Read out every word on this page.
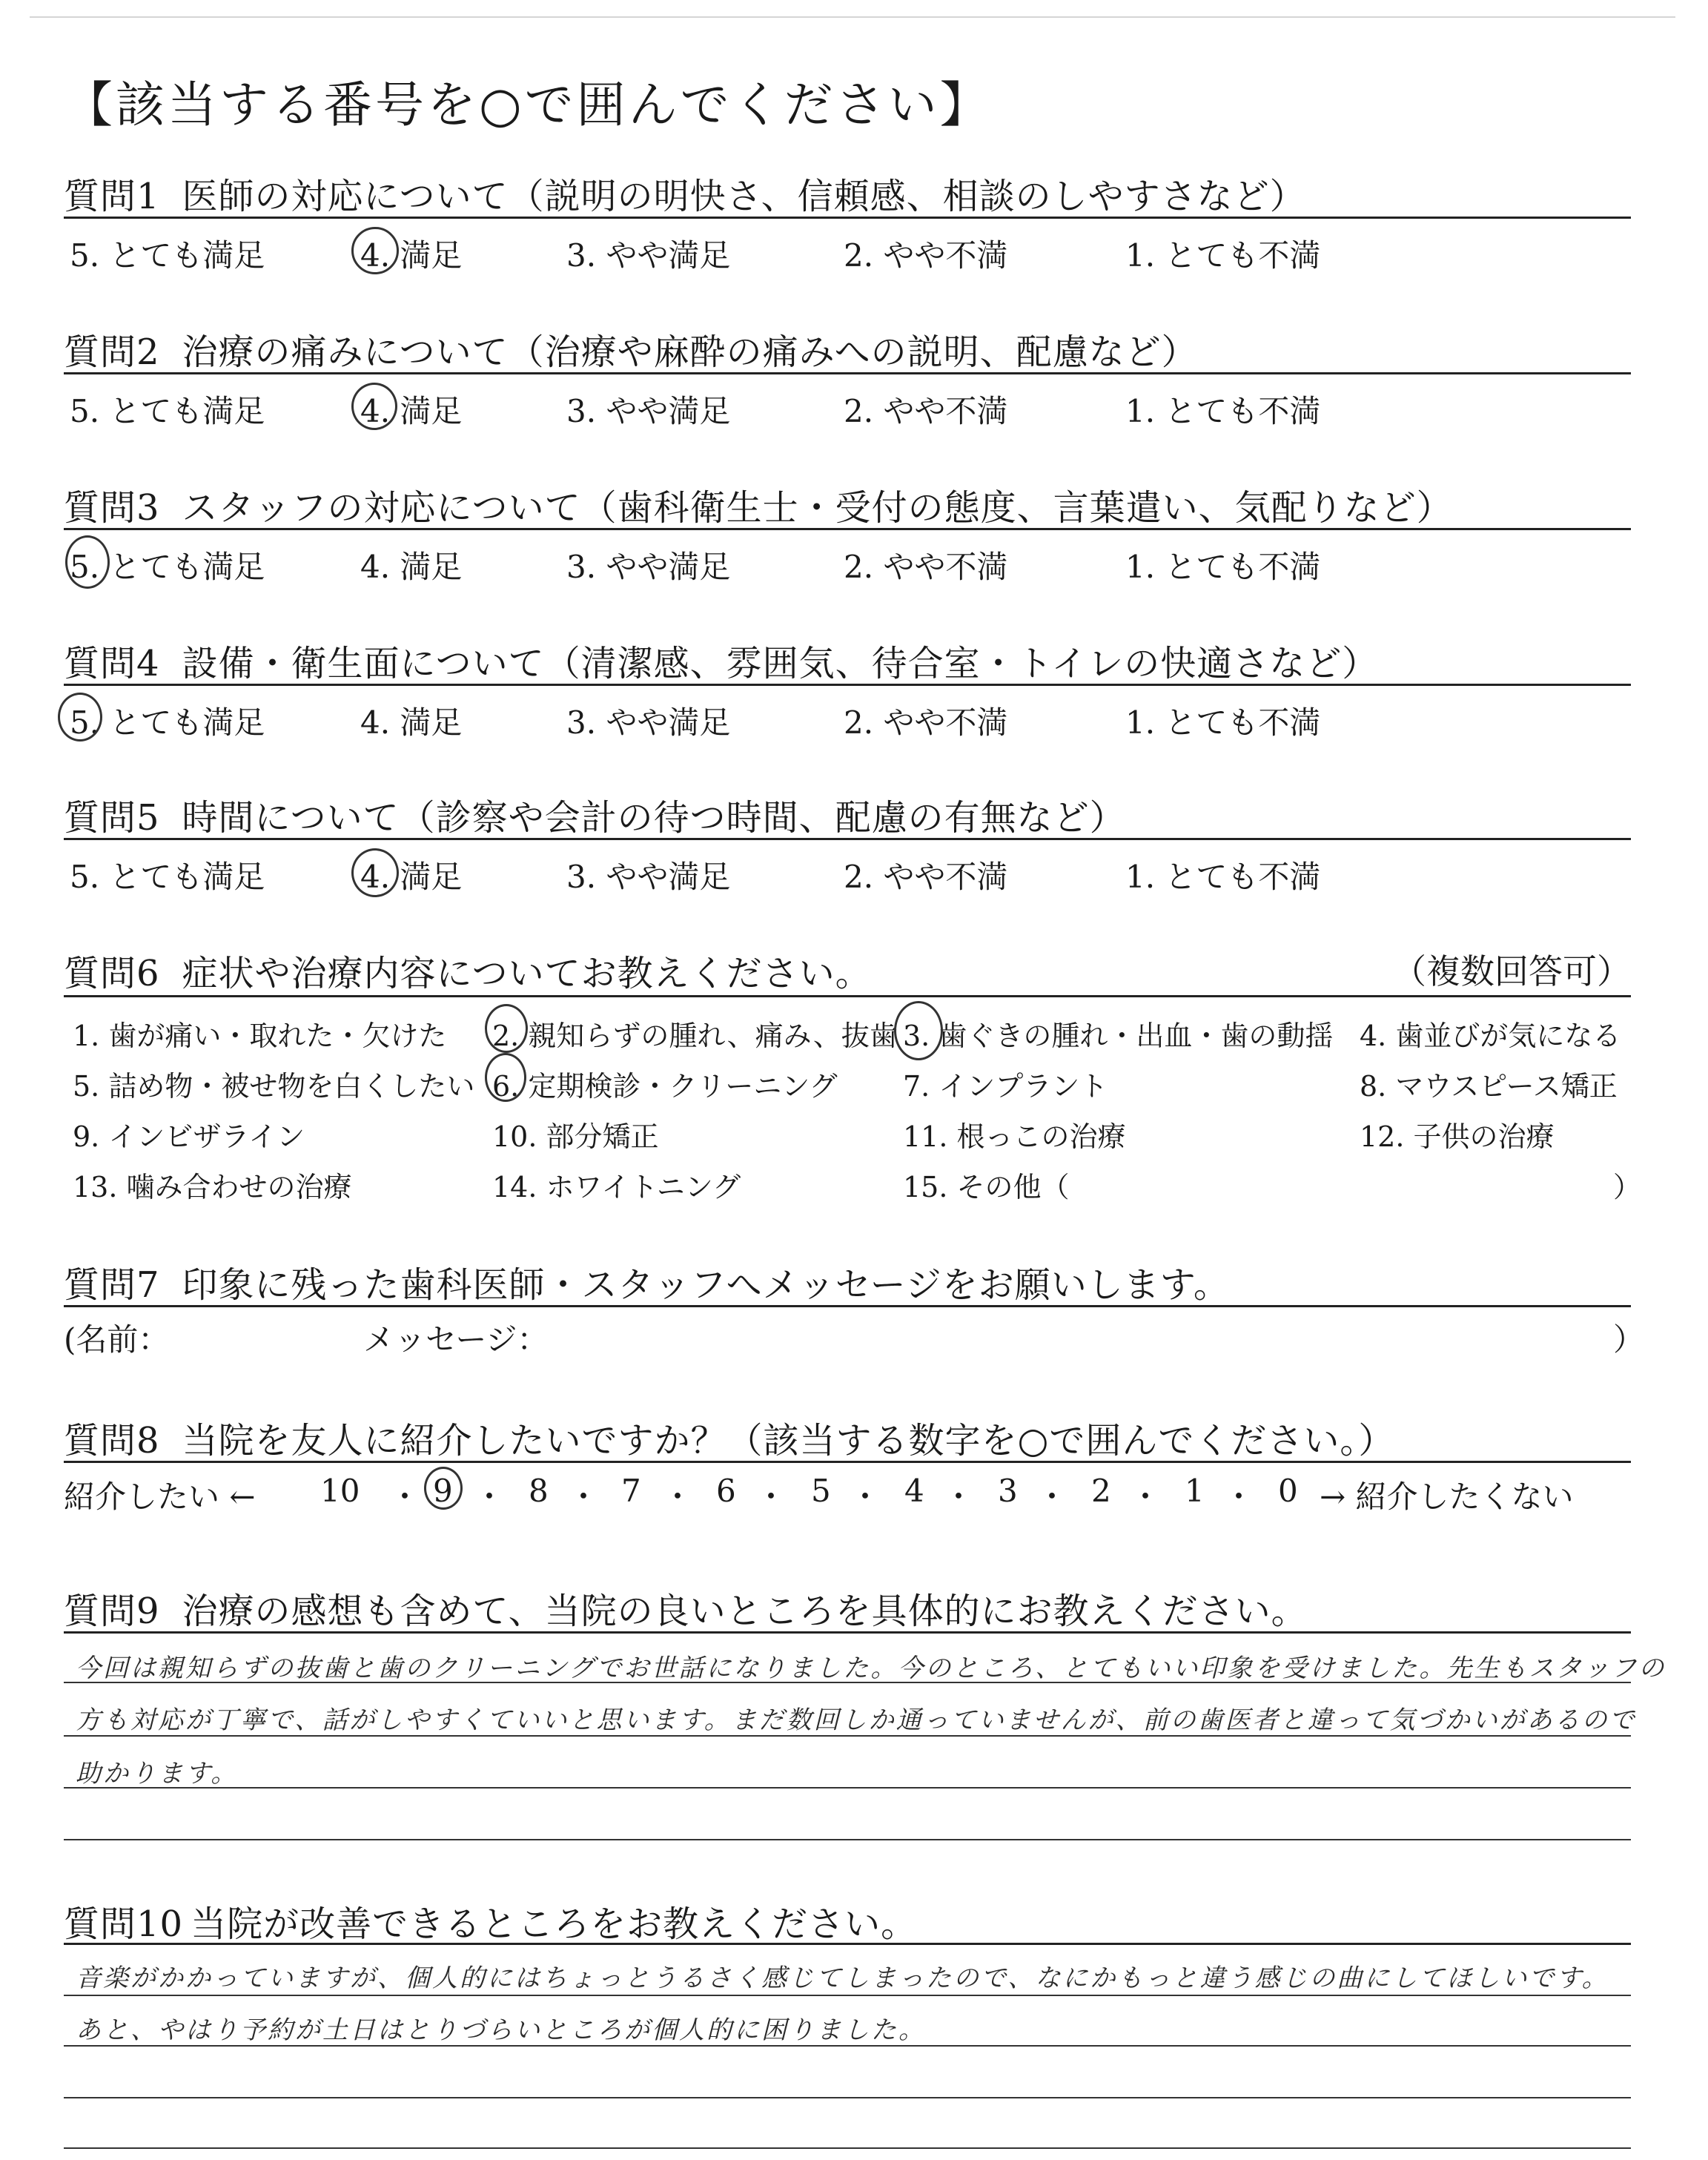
【該当する番号を○で囲んでください】
質問1 医師の対応について（説明の明快さ、信頼感、相談のしやすさなど）
5. とても満足	4. 満足	3. やや満足	2. やや不満	1. とても不満
質問2 治療の痛みについて（治療や麻酔の痛みへの説明、配慮など）
5. とても満足	4. 満足	3. やや満足	2. やや不満	1. とても不満
質問3 スタッフの対応について（歯科衛生士・受付の態度、言葉遣い、気配りなど）
5. とても満足	4. 満足	3. やや満足	2. やや不満	1. とても不満
質問4 設備・衛生面について（清潔感、雰囲気、待合室・トイレの快適さなど）
5. とても満足	4. 満足	3. やや満足	2. やや不満	1. とても不満
質問5 時間について（診察や会計の待つ時間、配慮の有無など）
5. とても満足	4. 満足	3. やや満足	2. やや不満	1. とても不満
質問6 症状や治療内容についてお教えください。	（複数回答可）
1. 歯が痛い・取れた・欠けた 2. 親知らずの腫れ、痛み、抜歯 3. 歯ぐきの腫れ・出血・歯の動揺 4. 歯並びが気になる
5. 詰め物・被せ物を白くしたい 6. 定期検診・クリーニング 7. インプラント	8. マウスピース矯正
9. インビザライン	10. 部分矯正	11. 根っこの治療	12. 子供の治療
13. 噛み合わせの治療	14. ホワイトニング	15. その他（	）
質問7 印象に残った歯科医師・スタッフへメッセージをお願いします。
(名前：	メッセージ：	）
質問8 当院を友人に紹介したいですか？（該当する数字を○で囲んでください。）
紹介したい ←	→ 紹介したくない
10 ・ 9 ・ 8 ・ 7 ・ 6 ・ 5 ・ 4 ・ 3 ・ 2 ・ 1 ・ 0
質問9 治療の感想も含めて、当院の良いところを具体的にお教えください。
今回は親知らずの抜歯と歯のクリーニングでお世話になりました。今のところ、とてもいい印象を受けました。先生もスタッフの
方も対応が丁寧で、話がしやすくていいと思います。まだ数回しか通っていませんが、前の歯医者と違って気づかいがあるので
助かります。
質問10 当院が改善できるところをお教えください。
音楽がかかっていますが、個人的にはちょっとうるさく感じてしまったので、なにかもっと違う感じの曲にしてほしいです。
あと、やはり予約が土日はとりづらいところが個人的に困りました。
